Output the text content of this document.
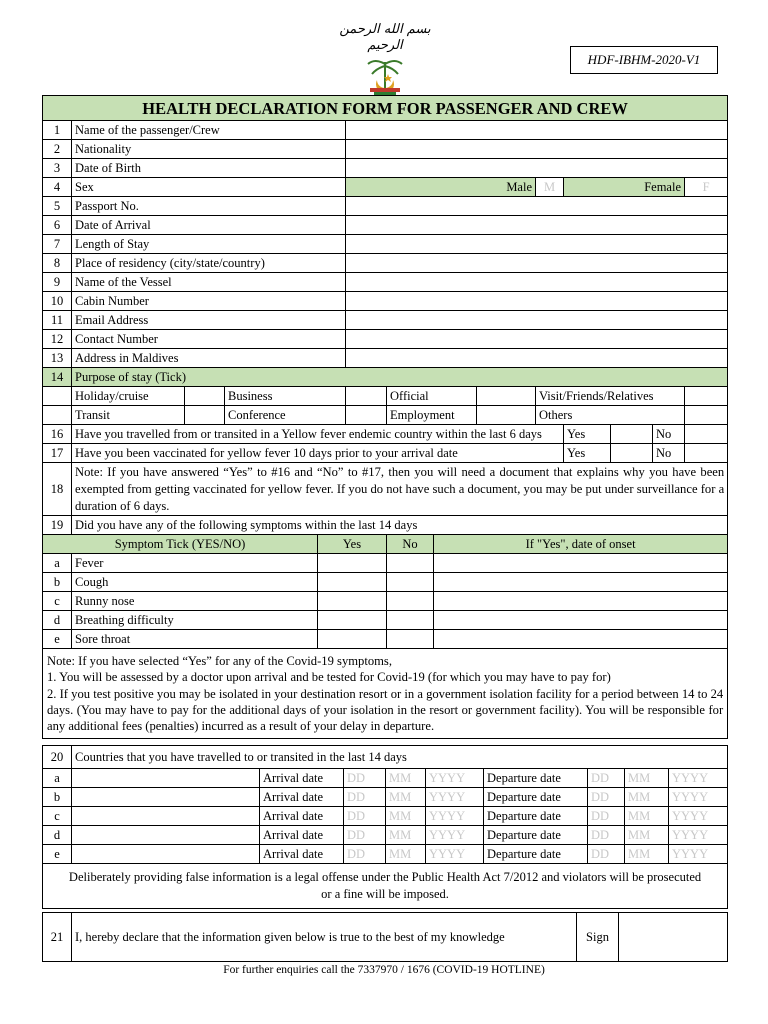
بسم الله الرحمن الرحيم
HDF-IBHM-2020-V1
HEALTH DECLARATION FORM FOR PASSENGER AND CREW													
1	Name of the passenger/Crew												
2	Nationality												
3	Date of Birth												
4	Sex				Male				M	Female			F
5	Passport No.												
6	Date of Arrival												
7	Length of Stay												
8	Place of residency (city/state/country)												
9	Name of the Vessel												
10	Cabin Number												
11	Email Address												
12	Contact Number												
13	Address in Maldives												
14	Purpose of stay (Tick)												
	Holiday/cruise		Business			Official			Visit/Friends/Relatives				
	Transit		Conference			Employment			Others				
16	Have you travelled from or transited in a Yellow fever endemic country within the last 6 days									Yes		No	
17	Have you been vaccinated for yellow fever 10 days prior to your arrival date									Yes		No	
18	Note: If you have answered “Yes” to #16 and “No” to #17, then you will need a document that explains why you have been exempted from getting vaccinated for yellow fever. If you do not have such a document, you may be put under surveillance for a duration of 6 days.												
19	Did you have any of the following symptoms within the last 14 days												
Symptom Tick (YES/NO)				Yes		No	If "Yes", date of onset						
a	Fever												
b	Cough												
c	Runny nose												
d	Breathing difficulty												
e	Sore throat												

Note: If you have selected “Yes” for any of the Covid-19 symptoms,
1. You will be assessed by a doctor upon arrival and be tested for Covid-19 (for which you may have to pay for)
2. If you test positive you may be isolated in your destination resort or in a government isolation facility for a period between 14 to 24 days. (You may have to pay for the additional days of your isolation in the resort or government facility). You will be responsible for any additional fees (penalties) incurred as a result of your delay in departure.													
20	Countries that you have travelled to or transited in the last 14 days								
a		Arrival date	DD	MM	YYYY	Departure date	DD	MM	YYYY
b		Arrival date	DD	MM	YYYY	Departure date	DD	MM	YYYY
c		Arrival date	DD	MM	YYYY	Departure date	DD	MM	YYYY
d		Arrival date	DD	MM	YYYY	Departure date	DD	MM	YYYY
e		Arrival date	DD	MM	YYYY	Departure date	DD	MM	YYYY
Deliberately providing false information is a legal offense under the Public Health Act 7/2012 and violators will be prosecuted or a fine will be imposed.									
21	I, hereby declare that the information given below is true to the best of my knowledge	Sign	
For further enquiries call the 7337970 / 1676 (COVID-19 HOTLINE)
